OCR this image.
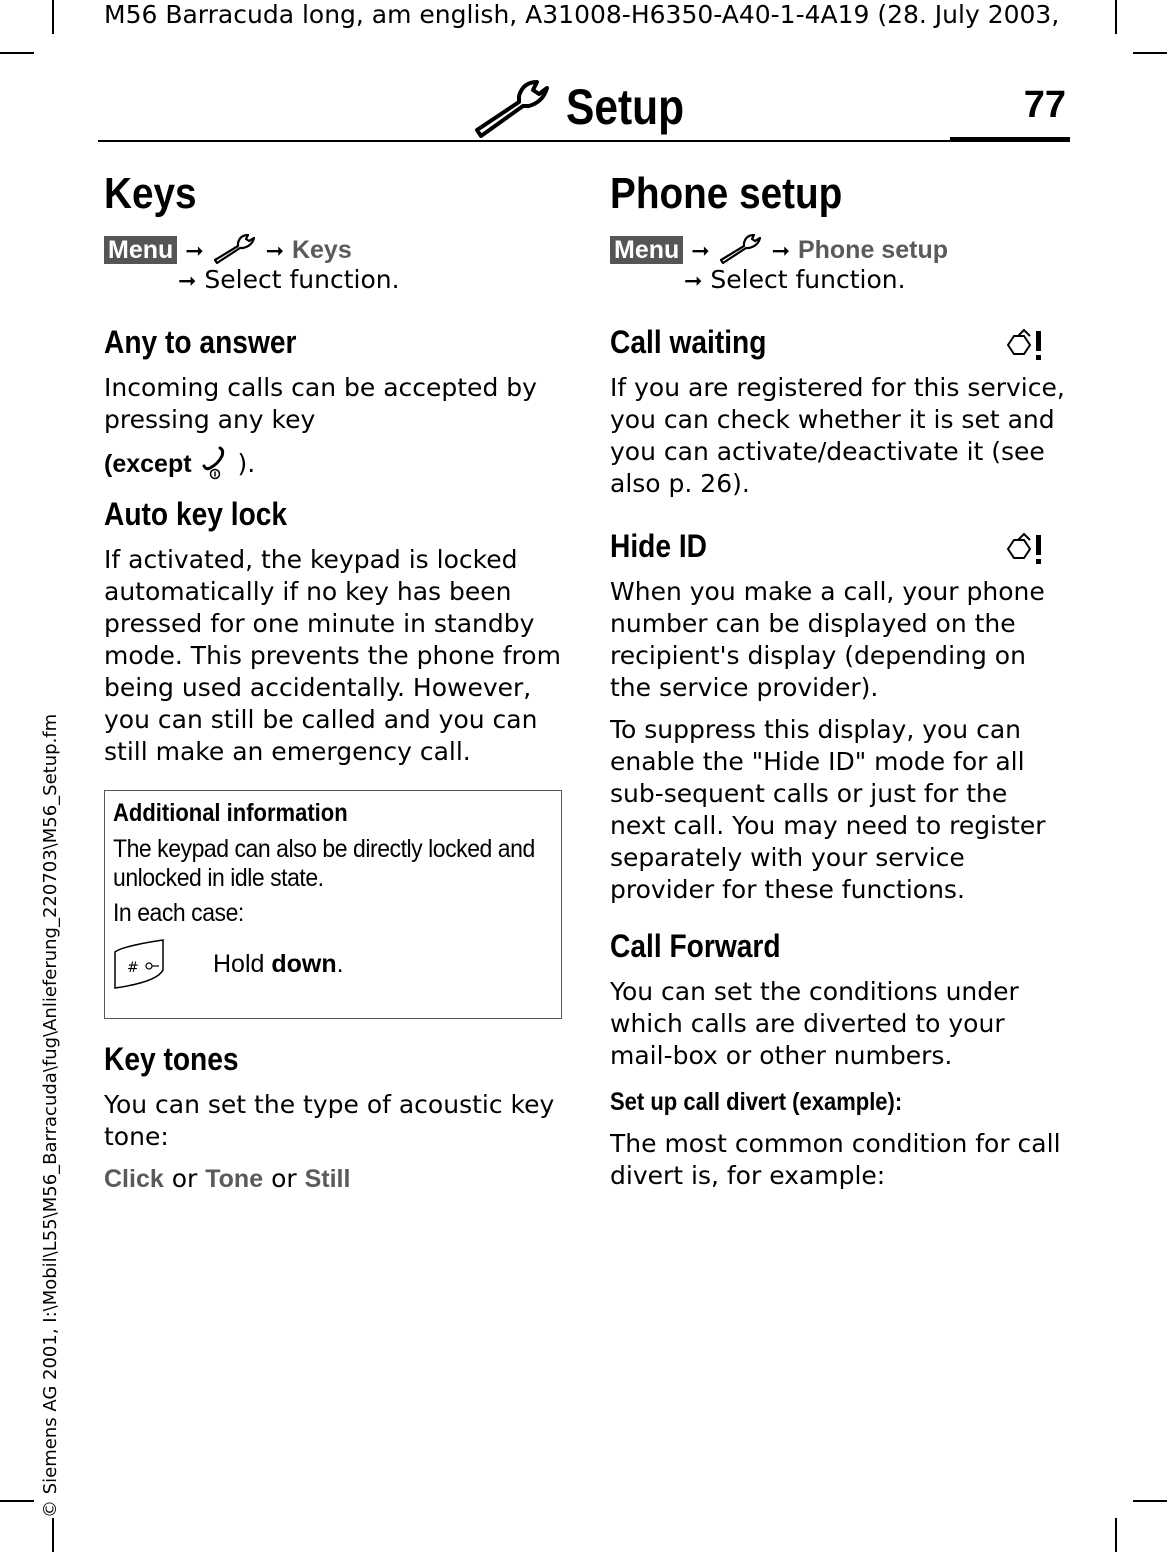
M56 Barracuda long, am english, A31008-H6350-A40-1-4A19 (28. July 2003,
© Siemens AG 2001, I:\Mobil\L55\M56_Barracuda\fug\Anlieferung_220703\M56_Setup.fm
Setup	77
Keys
Menu ➞	➞ Keys
➞ Select function.
Any to answer

Incoming calls can be accepted by pressing any key

(except ).

Auto key lock

If activated, the keypad is locked automatically if no key has been pressed for one minute in standby mode. This prevents the phone from being used accidentally. However, you can still be called and you can still make an emergency call.

Additional information
The keypad can also be directly locked and unlocked in idle state.
In each case:
#	Hold down.
Key tones

You can set the type of acoustic key tone:

Click or Tone or Still

Phone setup
Menu ➞	➞ Phone setup
➞ Select function.
Call waiting

If you are registered for this service, you can check whether it is set and you can activate/deactivate it (see also p. 26).

Hide ID

When you make a call, your phone number can be displayed on the recipient's display (depending on the service provider).

To suppress this display, you can enable the "Hide ID" mode for all sub-sequent calls or just for the next call. You may need to register separately with your service provider for these functions.

Call Forward

You can set the conditions under which calls are diverted to your mail-box or other numbers.

Set up call divert (example):

The most common condition for call divert is, for example:
